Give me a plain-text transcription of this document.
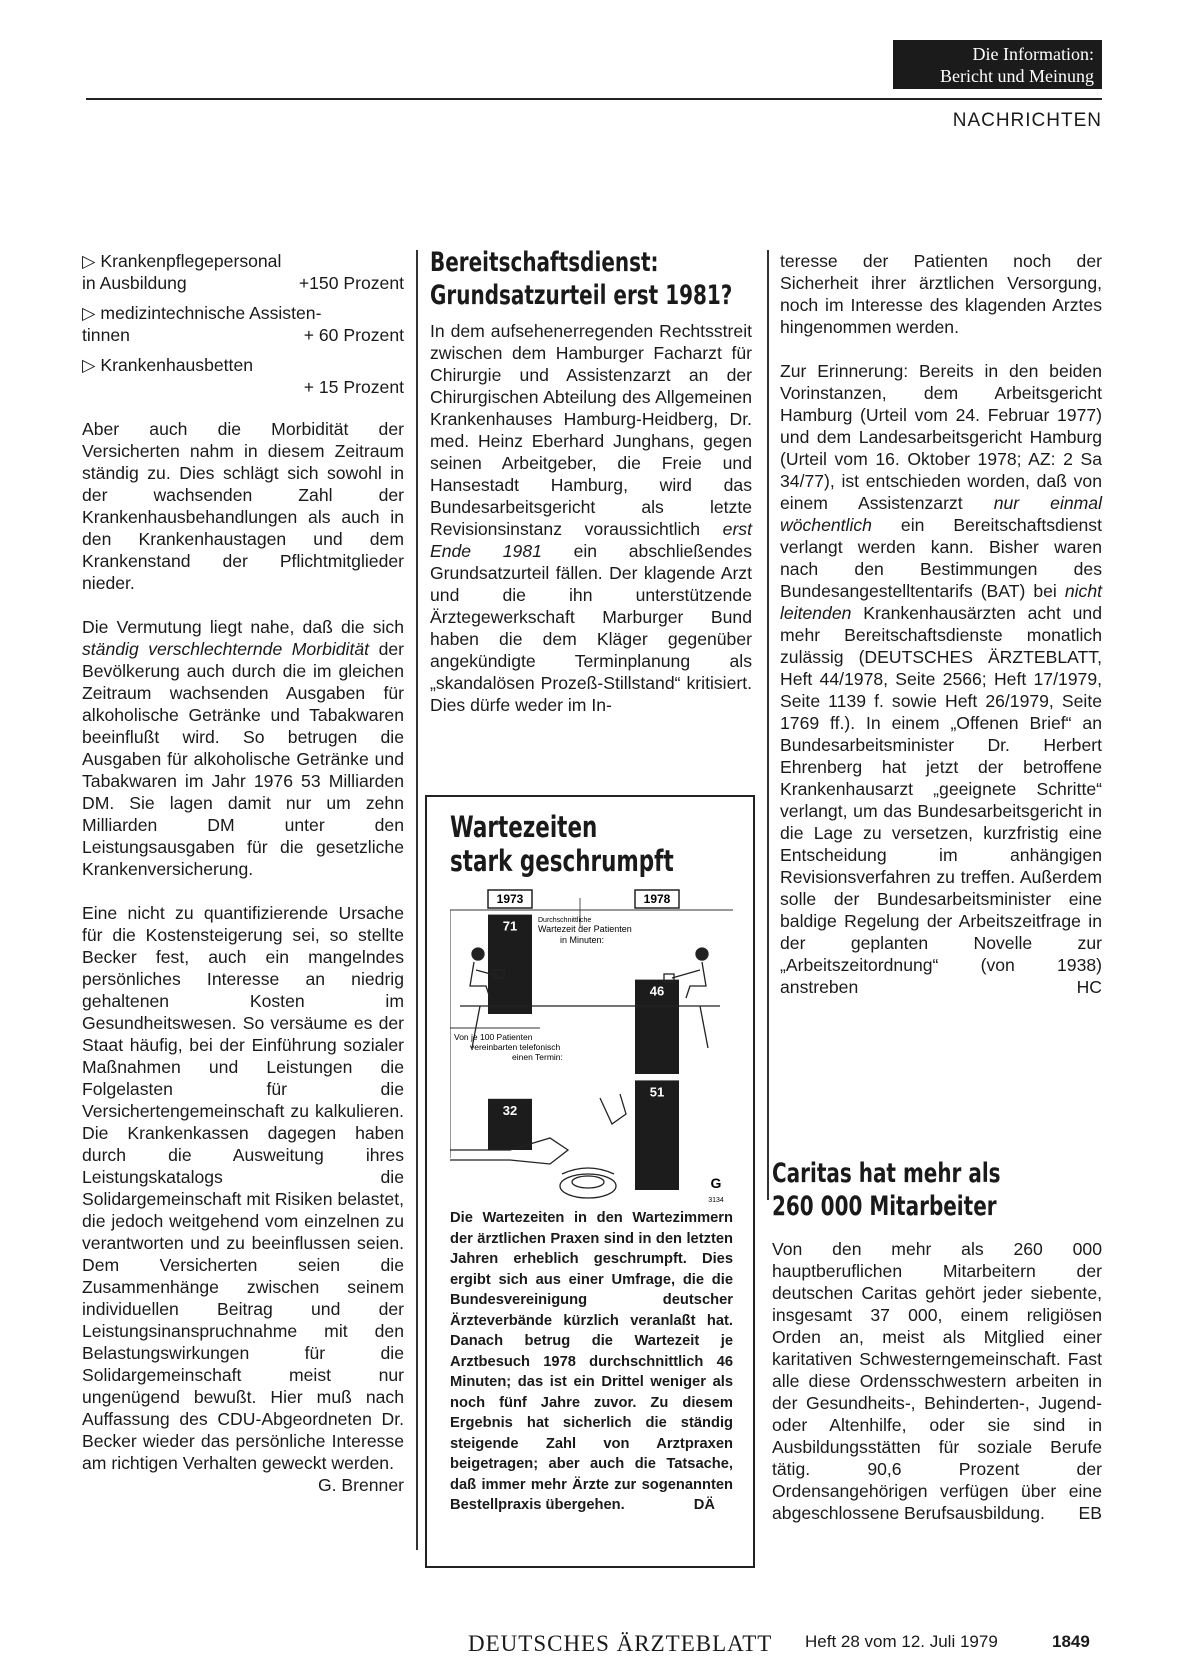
Die Information:
Bericht und Meinung
NACHRICHTEN
▷ Krankenpflegepersonal
in Ausbildung	+150 Prozent
▷ medizintechnische Assisten-
tinnen	+ 60 Prozent
▷ Krankenhausbetten
+ 15 Prozent

Aber auch die Morbidität der Versicherten nahm in diesem Zeitraum ständig zu. Dies schlägt sich sowohl in der wachsenden Zahl der Krankenhausbehandlungen als auch in den Krankenhaustagen und dem Krankenstand der Pflichtmitglieder nieder.

Die Vermutung liegt nahe, daß die sich ständig verschlechternde Morbidität der Bevölkerung auch durch die im gleichen Zeitraum wachsenden Ausgaben für alkoholische Getränke und Tabakwaren beeinflußt wird. So betrugen die Ausgaben für alkoholische Getränke und Tabakwaren im Jahr 1976 53 Milliarden DM. Sie lagen damit nur um zehn Milliarden DM unter den Leistungsausgaben für die gesetzliche Krankenversicherung.

Eine nicht zu quantifizierende Ursache für die Kostensteigerung sei, so stellte Becker fest, auch ein mangelndes persönliches Interesse an niedrig gehaltenen Kosten im Gesundheitswesen. So versäume es der Staat häufig, bei der Einführung sozialer Maßnahmen und Leistungen die Folgelasten für die Versichertengemeinschaft zu kalkulieren. Die Krankenkassen dagegen haben durch die Ausweitung ihres Leistungskatalogs die Solidargemeinschaft mit Risiken belastet, die jedoch weitgehend vom einzelnen zu verantworten und zu beeinflussen seien. Dem Versicherten seien die Zusammenhänge zwischen seinem individuellen Beitrag und der Leistungsinanspruchnahme mit den Belastungswirkungen für die Solidargemeinschaft meist nur ungenügend bewußt. Hier muß nach Auffassung des CDU-Abgeordneten Dr. Becker wieder das persönliche Interesse am richtigen Verhalten geweckt werden.
G. Brenner

Bereitschaftsdienst:
Grundsatzurteil erst 1981?

In dem aufsehenerregenden Rechtsstreit zwischen dem Hamburger Facharzt für Chirurgie und Assistenzarzt an der Chirurgischen Abteilung des Allgemeinen Krankenhauses Hamburg-Heidberg, Dr. med. Heinz Eberhard Junghans, gegen seinen Arbeitgeber, die Freie und Hansestadt Hamburg, wird das Bundesarbeitsgericht als letzte Revisionsinstanz voraussichtlich erst Ende 1981 ein abschließendes Grundsatzurteil fällen. Der klagende Arzt und die ihn unterstützende Ärztegewerkschaft Marburger Bund haben die dem Kläger gegenüber angekündigte Terminplanung als „skandalösen Prozeß-Stillstand“ kritisiert. Dies dürfe weder im In-

Wartezeiten
stark geschrumpft
1973	1978
71
46
Durchschnittliche
Wartezeit der Patienten
in Minuten:
Von je 100 Patienten
vereinbarten telefonisch
einen Termin:
32
51
G
3134
Die Wartezeiten in den Wartezimmern der ärztlichen Praxen sind in den letzten Jahren erheblich geschrumpft. Dies ergibt sich aus einer Umfrage, die die Bundesvereinigung deutscher Ärzteverbände kürzlich veranlaßt hat. Danach betrug die Wartezeit je Arztbesuch 1978 durchschnittlich 46 Minuten; das ist ein Drittel weniger als noch fünf Jahre zuvor. Zu diesem Ergebnis hat sicherlich die ständig steigende Zahl von Arztpraxen beigetragen; aber auch die Tatsache, daß immer mehr Ärzte zur sogenannten Bestellpraxis übergehen.	DÄ

teresse der Patienten noch der Sicherheit ihrer ärztlichen Versorgung, noch im Interesse des klagenden Arztes hingenommen werden.

Zur Erinnerung: Bereits in den beiden Vorinstanzen, dem Arbeitsgericht Hamburg (Urteil vom 24. Februar 1977) und dem Landesarbeitsgericht Hamburg (Urteil vom 16. Oktober 1978; AZ: 2 Sa 34/77), ist entschieden worden, daß von einem Assistenzarzt nur einmal wöchentlich ein Bereitschaftsdienst verlangt werden kann. Bisher waren nach den Bestimmungen des Bundesangestelltentarifs (BAT) bei nicht leitenden Krankenhausärzten acht und mehr Bereitschaftsdienste monatlich zulässig (DEUTSCHES ÄRZTEBLATT, Heft 44/1978, Seite 2566; Heft 17/1979, Seite 1139 f. sowie Heft 26/1979, Seite 1769 ff.). In einem „Offenen Brief“ an Bundesarbeitsminister Dr. Herbert Ehrenberg hat jetzt der betroffene Krankenhausarzt „geeignete Schritte“ verlangt, um das Bundesarbeitsgericht in die Lage zu versetzen, kurzfristig eine Entscheidung im anhängigen Revisionsverfahren zu treffen. Außerdem solle der Bundesarbeitsminister eine baldige Regelung der Arbeitszeitfrage in der geplanten Novelle zur „Arbeitszeitordnung“ (von 1938) anstreben	HC

Caritas hat mehr als
260 000 Mitarbeiter

Von den mehr als 260 000 hauptberuflichen Mitarbeitern der deutschen Caritas gehört jeder siebente, insgesamt 37 000, einem religiösen Orden an, meist als Mitglied einer karitativen Schwesterngemeinschaft. Fast alle diese Ordensschwestern arbeiten in der Gesundheits-, Behinderten-, Jugend- oder Altenhilfe, oder sie sind in Ausbildungsstätten für soziale Berufe tätig. 90,6 Prozent der Ordensangehörigen verfügen über eine abgeschlossene Berufsausbildung. EB

DEUTSCHES ÄRZTEBLATT Heft 28 vom 12. Juli 1979	1849
